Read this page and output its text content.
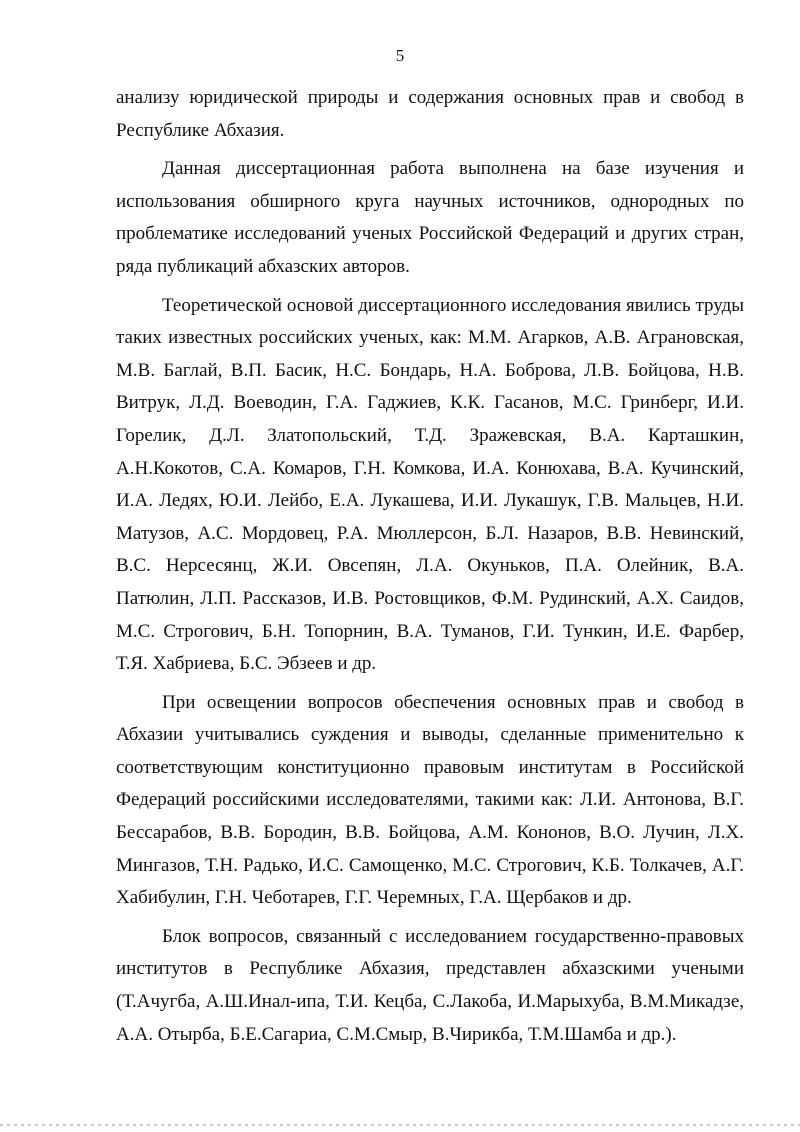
5

анализу юридической природы и содержания основных прав и свобод в Республике Абхазия.

Данная диссертационная работа выполнена на базе изучения и использования обширного круга научных источников, однородных по проблематике исследований ученых Российской Федераций и других стран, ряда публикаций абхазских авторов.

Теоретической основой диссертационного исследования явились труды таких известных российских ученых, как: М.М. Агарков, А.В. Аграновская, М.В. Баглай, В.П. Басик, Н.С. Бондарь, Н.А. Боброва, Л.В. Бойцова, Н.В. Витрук, Л.Д. Воеводин, Г.А. Гаджиев, К.К. Гасанов, М.С. Гринберг, И.И. Горелик, Д.Л. Златопольский, Т.Д. Зражевская, В.А. Карташкин, А.Н.Кокотов, С.А. Комаров, Г.Н. Комкова, И.А. Конюхава, В.А. Кучинский, И.А. Ледях, Ю.И. Лейбо, Е.А. Лукашева, И.И. Лукашук, Г.В. Мальцев, Н.И. Матузов, А.С. Мордовец, Р.А. Мюллерсон, Б.Л. Назаров, В.В. Невинский, В.С. Нерсесянц, Ж.И. Овсепян, Л.А. Окуньков, П.А. Олейник, В.А. Патюлин, Л.П. Рассказов, И.В. Ростовщиков, Ф.М. Рудинский, А.Х. Саидов, М.С. Строгович, Б.Н. Топорнин, В.А. Туманов, Г.И. Тункин, И.Е. Фарбер, Т.Я. Хабриева, Б.С. Эбзеев и др.

При освещении вопросов обеспечения основных прав и свобод в Абхазии учитывались суждения и выводы, сделанные применительно к соответствующим конституционно правовым институтам в Российской Федераций российскими исследователями, такими как: Л.И. Антонова, В.Г. Бессарабов, В.В. Бородин, В.В. Бойцова, А.М. Кононов, В.О. Лучин, Л.Х. Мингазов, Т.Н. Радько, И.С. Самощенко, М.С. Строгович, К.Б. Толкачев, А.Г. Хабибулин, Г.Н. Чеботарев, Г.Г. Черемных, Г.А. Щербаков и др.

Блок вопросов, связанный с исследованием государственно-правовых институтов в Республике Абхазия, представлен абхазскими учеными (Т.Ачугба, А.Ш.Инал-ипа, Т.И. Кецба, С.Лакоба, И.Марыхуба, В.М.Микадзе, А.А. Отырба, Б.Е.Сагариа, С.М.Смыр, В.Чирикба, Т.М.Шамба и др.).
